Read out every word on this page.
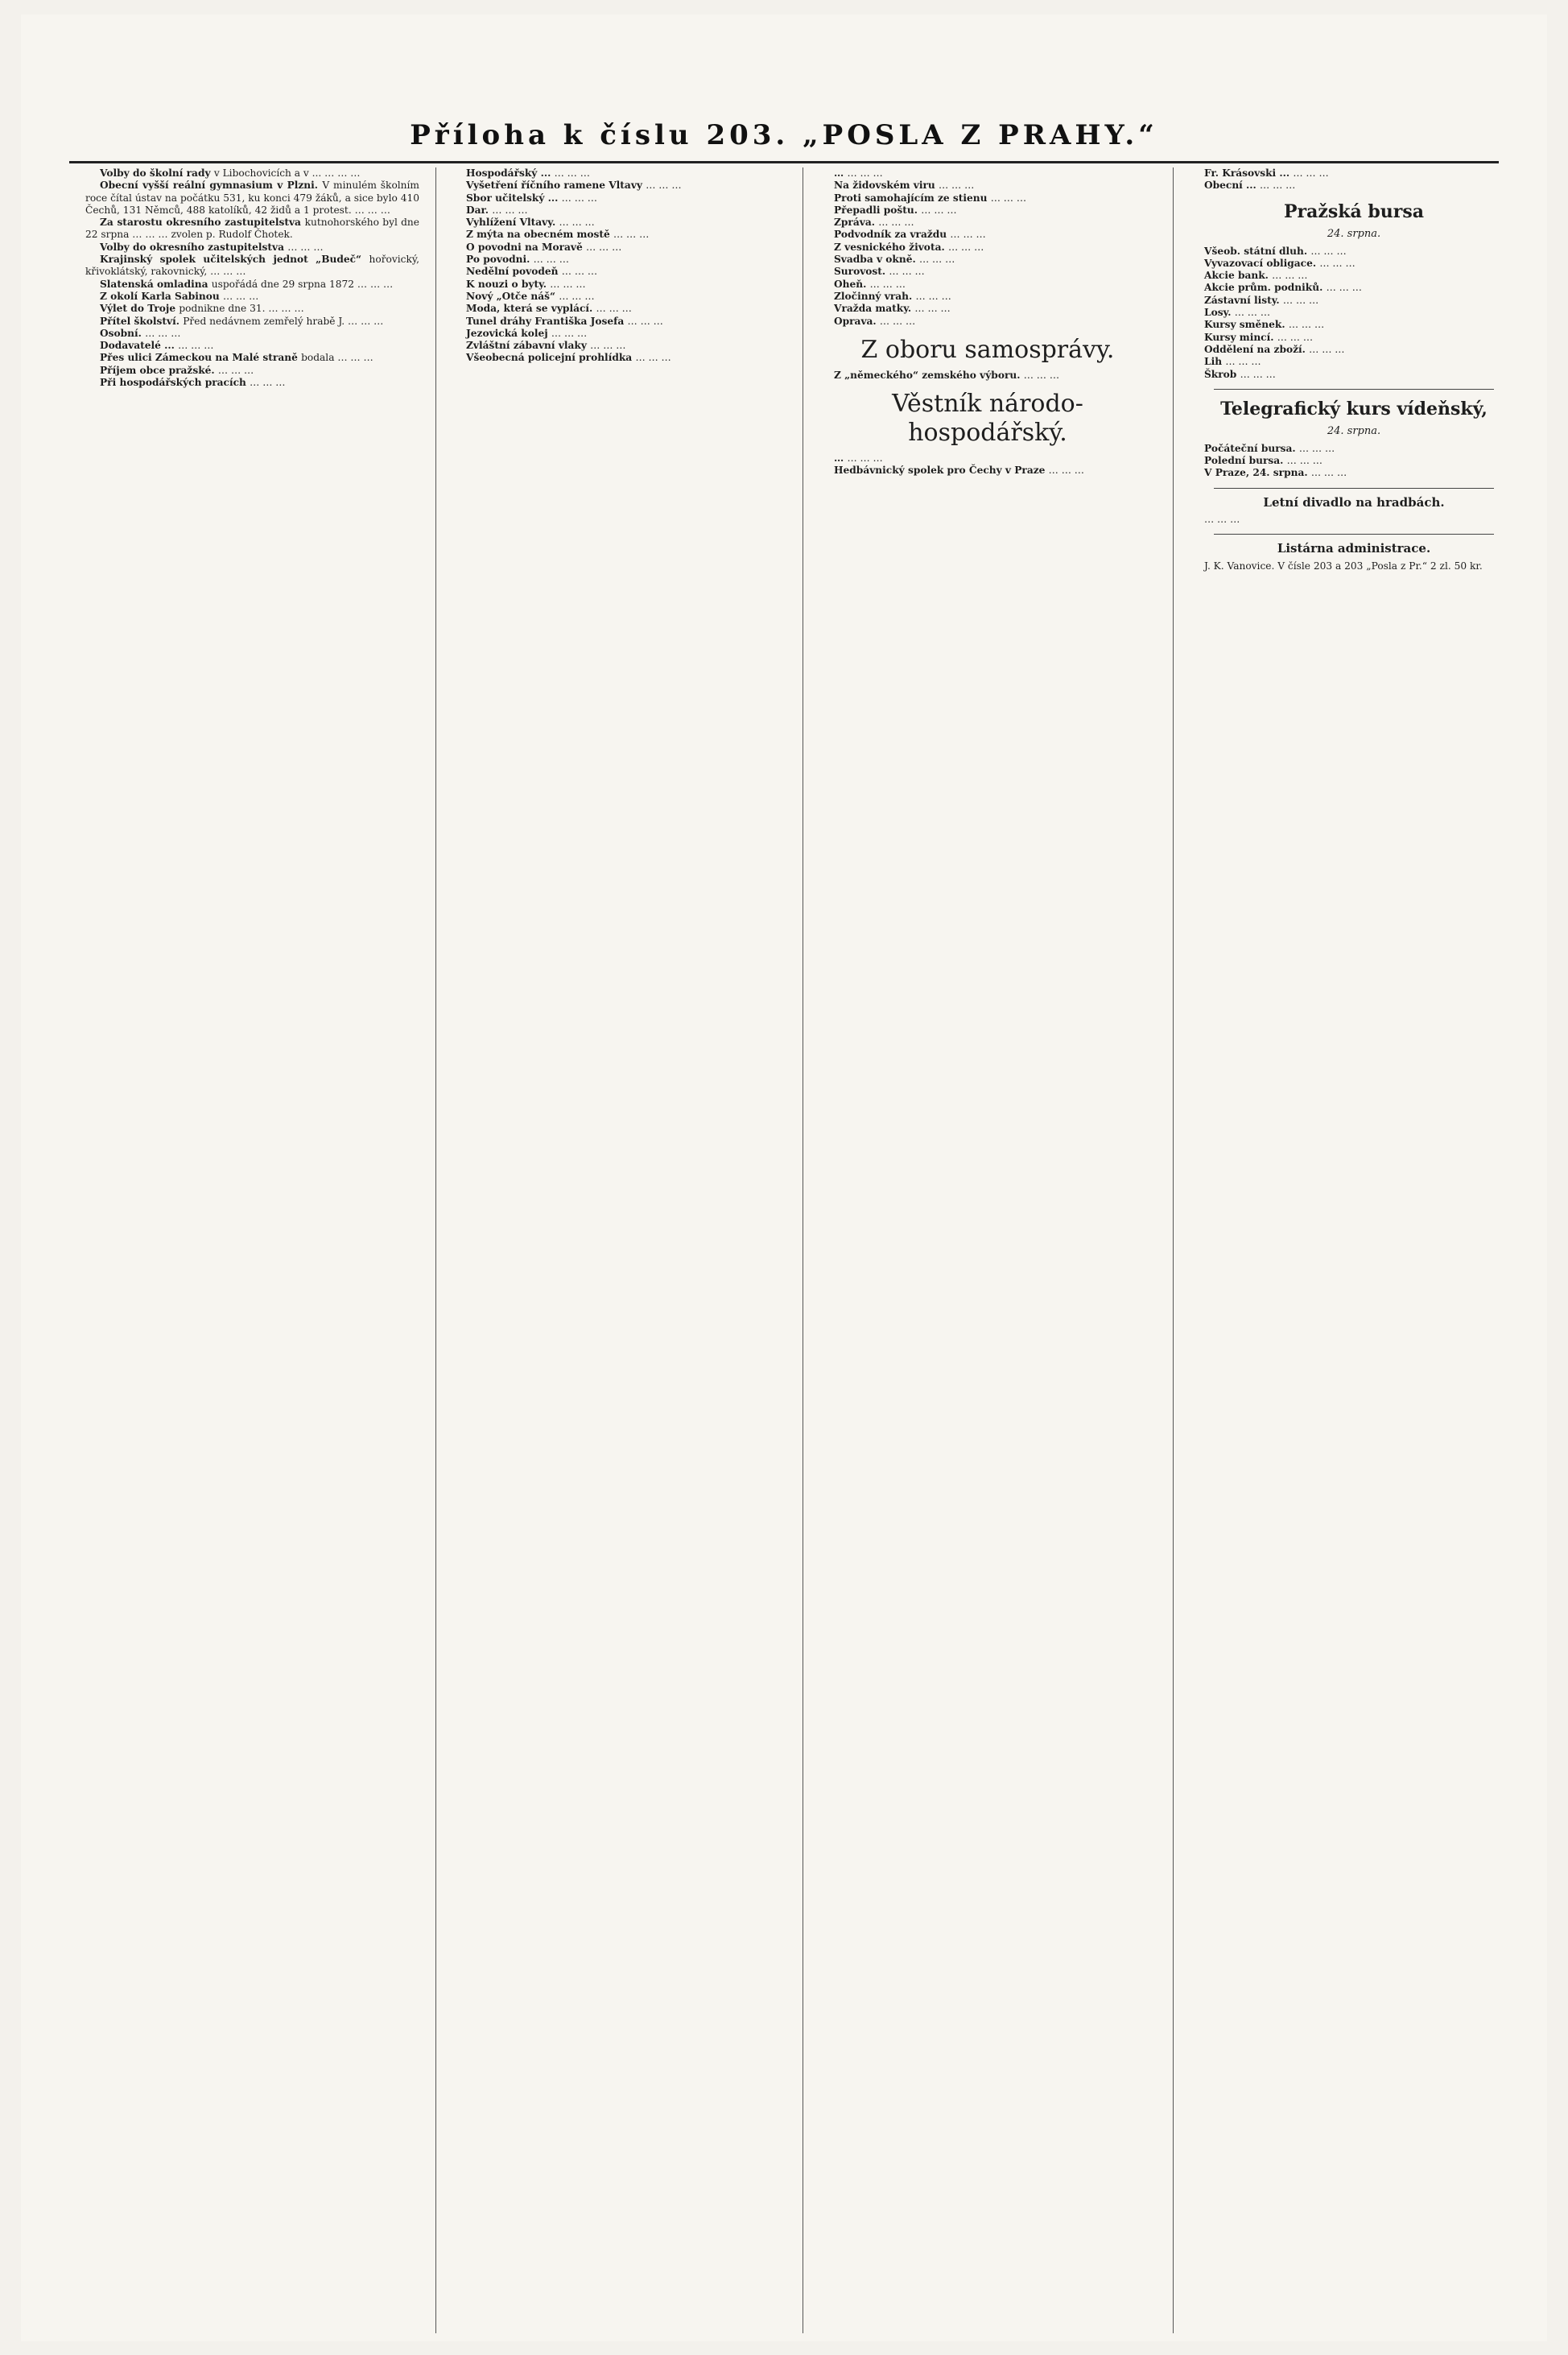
Příloha k číslu 203. „POSLA Z PRAHY.“

Volby do školní rady v Libochovicích a v ... … … …

Obecní vyšší reální gymnasium v Plzni. V minulém školním roce čítal ústav na počátku 531, ku konci 479 žáků, a sice bylo 410 Čechů, 131 Němců, 488 katolíků, 42 židů a 1 protest. … … …

Za starostu okresního zastupitelstva kutnohorského byl dne 22 srpna … … … zvolen p. Rudolf Čhotek.

Volby do okresního zastupitelstva … … …

Krajinský spolek učitelských jednot „Budeč“ hořovický, křivoklátský, rakovnický, … … …

Slatenská omladina uspořádá dne 29 srpna 1872 … … …

Z okolí Karla Sabinou … … …

Výlet do Troje podnikne dne 31. … … …

Přítel školství. Před nedávnem zemřelý hrabě J. … … …

Osobní. … … …

Dodavatelé ... … … …

Přes ulici Zámeckou na Malé straně bodala … … …

Příjem obce pražské. … … …

Při hospodářských pracích … … …

Hospodářský ... … … …

Vyšetření říčního ramene Vltavy … … …

Sbor učitelský ... … … …

Dar. … … …

Vyhlížení Vltavy. … … …

Z mýta na obecném mostě … … …

O povodni na Moravě … … …

Po povodni. … … …

Nedělní povodeň … … …

K nouzi o byty. … … …

Nový „Otče náš“ … … …

Moda, která se vyplácí. … … …

Tunel dráhy Františka Josefa … … …

Jezovická kolej … … …

Zvláštní zábavní vlaky … … …

Všeobecná policejní prohlídka … … …

… … … …

Na židovském viru … … …

Proti samohajícím ze stienu … … …

Přepadli poštu. … … …

Zpráva. … … …

Podvodník za vraždu … … …

Z vesnického života. … … …

Svadba v okně. … … …

Surovost. … … …

Oheň. … … …

Zločinný vrah. … … …

Vražda matky. … … …

Oprava. … … …

Z oboru samosprávy.

Z „německého“ zemského výboru. … … …

Věstník národo-hospodářský.

… … … …

Hedbávnický spolek pro Čechy v Praze … … …

Fr. Krásovski ... … … …

Obecní ... … … …

Pražská bursa
24. srpna.

Všeob. státní dluh. … … …

Vyvazovací obligace. … … …

Akcie bank. … … …

Akcie prům. podniků. … … …

Zástavní listy. … … …

Losy. … … …

Kursy směnek. … … …

Kursy mincí. … … …

Oddělení na zboží. … … …

Lih … … …

Škrob … … …

Telegrafický kurs vídeňský,
24. srpna.

Počáteční bursa. … … …

Polední bursa. … … …

V Praze, 24. srpna. … … …

Letní divadlo na hradbách.

… … …

Listárna administrace.

J. K. Vanovice. V čísle 203 a 203 „Posla z Pr.“ 2 zl. 50 kr.
